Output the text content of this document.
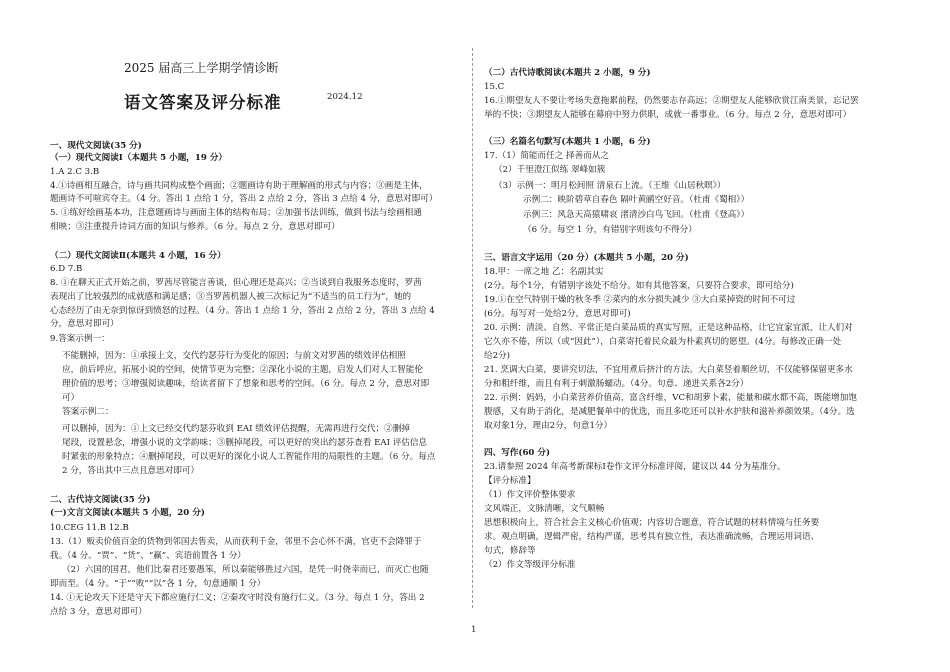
2025 届高三上学期学情诊断
语文答案及评分标准	2024.12
一、现代文阅读(35 分)
（一）现代文阅读Ⅰ（本题共 5 小题，19 分）
1.A 2.C 3.B
4.①诗画相互融合，诗与画共同构成整个画面；②题画诗有助于理解画的形式与内容；③画是主体，
题画诗不可喧宾夺主。（4 分。答出 1 点给 1 分，答出 2 点给 2 分，答出 3 点给 4 分，意思对即可）
5. ①练好绘画基本功，注意题画诗与画面主体的结构布局；②加强书法训练，做到书法与绘画相通
相映；③注重提升诗词方面的知识与修养。（6 分。每点 2 分，意思对即可）
（二）现代文阅读Ⅱ(本题共 4 小题，16 分）
6.D 7.B
8. ①在聊天正式开始之前，罗茜尽管能言善谈，但心理还是高兴；②当谈到自我服务态度时，罗茜
表现出了比较强烈的成就感和满足感；③当罗茜机器人被三次标记为“不适当的员工行为”，她的
心态经历了由无奈到惊讶到愤怒的过程。（4 分。答出 1 点给 1 分，答出 2 点给 2 分，答出 3 点给 4
分，意思对即可）
9.答案示例一：
不能删掉，因为：①承接上文，交代约瑟芬行为变化的原因；与前文对罗茜的绩效评估相照
应，前后呼应，拓展小说的空间，使情节更为完整；②深化小说的主题，启发人们对人工智能伦
理价值的思考；③增强阅读趣味，给读者留下了想象和思考的空间。（6 分。每点 2 分，意思对即
可）
答案示例二：
可以删掉，因为：①上文已经交代约瑟芬收到 EAI 绩效评估提醒，无需再进行交代；②删掉
尾段，设置悬念，增强小说的文学韵味；③删掉尾段，可以更好的突出约瑟芬查看 EAI 评估信息
时紧张的形象特点；④删掉尾段，可以更好的深化小说人工智能作用的局限性的主题。（6 分。每点
2 分，答出其中三点且意思对即可）
二、古代诗文阅读(35 分)
(一)文言文阅读(本题共 5 小题，20 分)
10.CEG 11.B 12.B
13.（1）贩卖价值百金的货物到邻国去售卖，从而获利千金，邻里不会心怀不满，官吏不会降罪于
我。（4 分。“贾”、“货”、“赢”、宾语前置各 1 分）
（2）六国的国君，他们比秦君还要愚笨，所以秦能够胜过六国，是凭一时侥幸而已，而灭亡也随
即而至。（4 分。“于”“败”“以”各 1 分，句意通顺 1 分）
14. ①无论攻天下还是守天下都应施行仁义；②秦攻守时没有施行仁义。（3 分。每点 1 分，答出 2
点给 3 分，意思对即可）
（二）古代诗歌阅读(本题共 2 小题，9 分)
15.C
16.①期望友人不要让考场失意拖累前程，仍然要志存高远；②期望友人能够欣赏江南美景，忘记罢
举的不快；③期望友人能够在幕府中努力供职，成就一番事业。（6 分。每点 2 分，意思对即可）
（三）名篇名句默写(本题共 1 小题，6 分)
17.（1）简能而任之 择善而从之
（2）千里澄江似练 翠峰如簇
（3）示例一：明月松间照 清泉石上流。（王维《山居秋暝》）
示例二：映阶碧草自春色 隔叶黄鹂空好音。（杜甫《蜀相》）
示例三：风急天高猿啸哀 渚清沙白鸟飞回。（杜甫《登高》）
（6 分。每空 1 分，有错别字则该句不得分）
三、语言文字运用（20 分）(本题共 5 小题，20 分)
18.甲：一席之地 乙：名副其实
(2分。每个1分，有错别字该处不给分。如有其他答案，只要符合要求，即可给分)
19.①在空气特别干燥的秋冬季 ②菜内的水分损失减少 ③大白菜掉瓷的时间不可过
(6分。每写对一处给2分，意思对即可)
20. 示例：清淡、自然、平常正是白菜品质的真实写照，正是这种品格，让它宜家宜派，让人们对
它久亦不倦，所以（或“因此”），白菜寄托着民众最为朴素真切的愿望。(4分。每修改正确一处
给2分)
21. 烹调大白菜，要讲究切法，不宜用煮后挤汁的方法。大白菜竖着顺丝切，不仅能够保留更多水
分和粗纤维，而且有利于刺激肠蠕动。（4分。句意、递进关系各2分）
22. 示例：妈妈，小白菜营养价值高，富含纤维，VC和胡萝卜素，能量和碳水都不高，既能增加饱
腹感，又有助于消化，是减肥餐单中的优选，而且多吃还可以补水护肤和滋补养颜效果。（4分。选
取对象1分，理由2分，句意1分）
四、写作(60 分)
23.请参照 2024 年高考新课标Ⅰ卷作文评分标准评阅，建议以 44 分为基准分。
【评分标准】
（1）作文评价整体要求
文风端正，文脉清晰，文气顺畅
思想积极向上，符合社会主义核心价值观；内容切合题意，符合试题的材料情境与任务要
求。观点明确，逻辑严密，结构严谨，思考具有独立性，表达准确流畅，合理运用词语、
句式，修辞等
（2）作文等级评分标准
1
